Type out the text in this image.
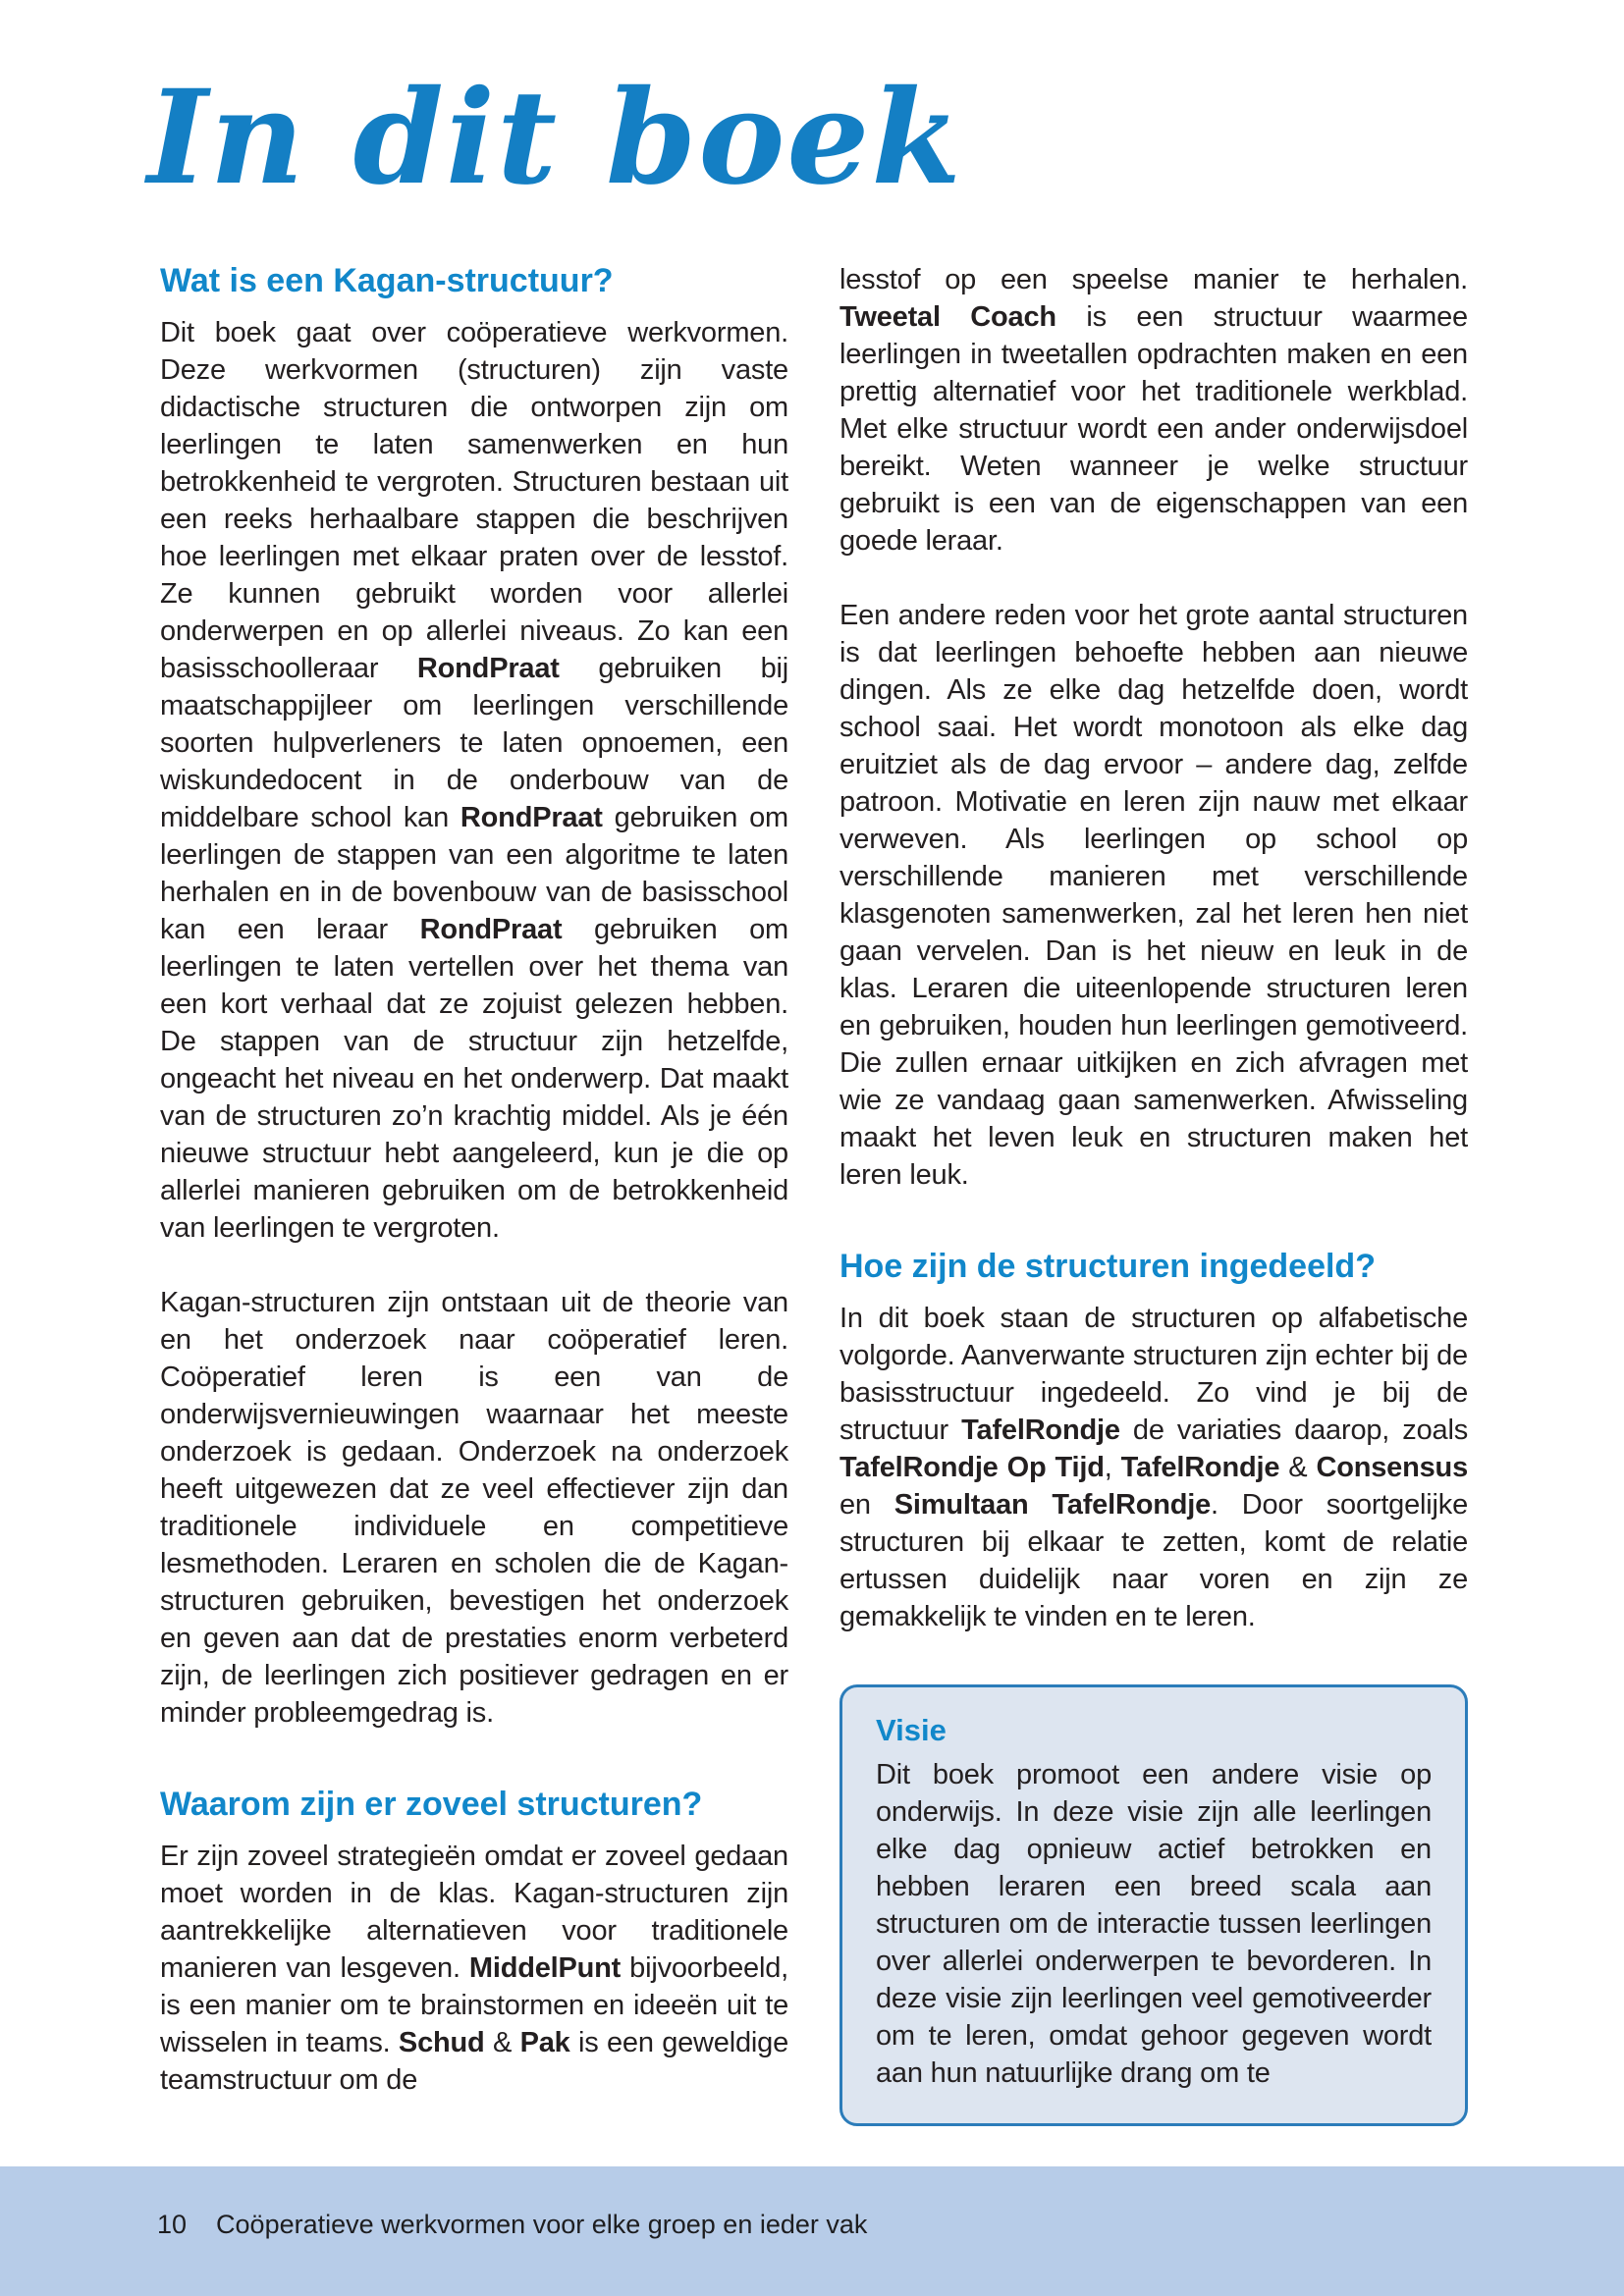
In dit boek
Wat is een Kagan-structuur?

Dit boek gaat over coöperatieve werkvormen. Deze werkvormen (structuren) zijn vaste didactische structuren die ontworpen zijn om leerlingen te laten samenwerken en hun betrokkenheid te vergroten. Structuren bestaan uit een reeks herhaalbare stappen die beschrijven hoe leerlingen met elkaar praten over de lesstof. Ze kunnen gebruikt worden voor allerlei onderwerpen en op allerlei niveaus. Zo kan een basisschoolleraar RondPraat gebruiken bij maatschappijleer om leerlingen verschillende soorten hulpverleners te laten opnoemen, een wiskundedocent in de onderbouw van de middelbare school kan RondPraat gebruiken om leerlingen de stappen van een algoritme te laten herhalen en in de bovenbouw van de basisschool kan een leraar RondPraat gebruiken om leerlingen te laten vertellen over het thema van een kort verhaal dat ze zojuist gelezen hebben. De stappen van de structuur zijn hetzelfde, ongeacht het niveau en het onderwerp. Dat maakt van de structuren zo’n krachtig middel. Als je één nieuwe structuur hebt aangeleerd, kun je die op allerlei manieren gebruiken om de betrokkenheid van leerlingen te vergroten.

Kagan-structuren zijn ontstaan uit de theorie van en het onderzoek naar coöperatief leren. Coöperatief leren is een van de onderwijsvernieuwingen waarnaar het meeste onderzoek is gedaan. Onderzoek na onderzoek heeft uitgewezen dat ze veel effectiever zijn dan traditionele individuele en competitieve lesmethoden. Leraren en scholen die de Kagan-structuren gebruiken, bevestigen het onderzoek en geven aan dat de prestaties enorm verbeterd zijn, de leerlingen zich positiever gedragen en er minder probleemgedrag is.

Waarom zijn er zoveel structuren?

Er zijn zoveel strategieën omdat er zoveel gedaan moet worden in de klas. Kagan-structuren zijn aantrekkelijke alternatieven voor traditionele manieren van lesgeven. MiddelPunt bijvoorbeeld, is een manier om te brainstormen en ideeën uit te wisselen in teams. Schud & Pak is een geweldige teamstructuur om de

lesstof op een speelse manier te herhalen. Tweetal Coach is een structuur waarmee leerlingen in tweetallen opdrachten maken en een prettig alternatief voor het traditionele werkblad. Met elke structuur wordt een ander onderwijsdoel bereikt. Weten wanneer je welke structuur gebruikt is een van de eigenschappen van een goede leraar.

Een andere reden voor het grote aantal structuren is dat leerlingen behoefte hebben aan nieuwe dingen. Als ze elke dag hetzelfde doen, wordt school saai. Het wordt monotoon als elke dag eruitziet als de dag ervoor – andere dag, zelfde patroon. Motivatie en leren zijn nauw met elkaar verweven. Als leerlingen op school op verschillende manieren met verschillende klasgenoten samenwerken, zal het leren hen niet gaan vervelen. Dan is het nieuw en leuk in de klas. Leraren die uiteenlopende structuren leren en gebruiken, houden hun leerlingen gemotiveerd. Die zullen ernaar uitkijken en zich afvragen met wie ze vandaag gaan samenwerken. Afwisseling maakt het leven leuk en structuren maken het leren leuk.

Hoe zijn de structuren ingedeeld?

In dit boek staan de structuren op alfabetische volgorde. Aanverwante structuren zijn echter bij de basisstructuur ingedeeld. Zo vind je bij de structuur TafelRondje de variaties daarop, zoals TafelRondje Op Tijd, TafelRondje & Consensus en Simultaan TafelRondje. Door soortgelijke structuren bij elkaar te zetten, komt de relatie ertussen duidelijk naar voren en zijn ze gemakkelijk te vinden en te leren.

Visie

Dit boek promoot een andere visie op onderwijs. In deze visie zijn alle leerlingen elke dag opnieuw actief betrokken en hebben leraren een breed scala aan structuren om de interactie tussen leerlingen over allerlei onderwerpen te bevorderen. In deze visie zijn leerlingen veel gemotiveerder om te leren, omdat gehoor gegeven wordt aan hun natuurlijke drang om te

10 Coöperatieve werkvormen voor elke groep en ieder vak
